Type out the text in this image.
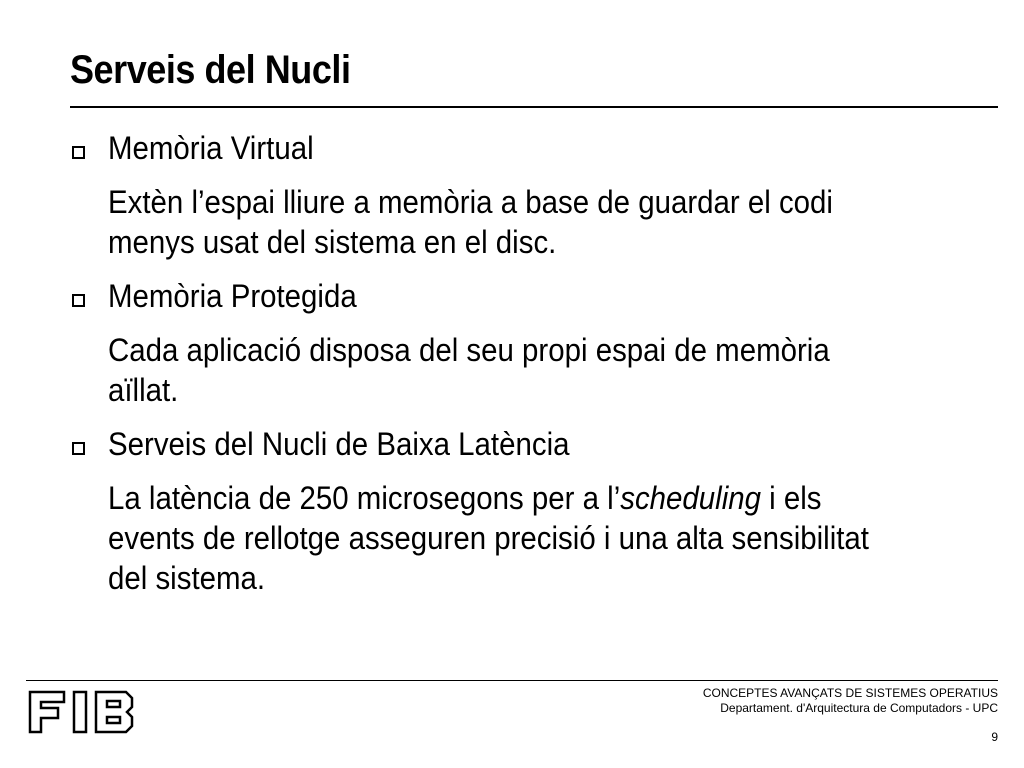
Serveis del Nucli
Memòria Virtual
Extèn l’espai lliure a memòria a base de guardar el codi
menys usat del sistema en el disc.
Memòria Protegida
Cada aplicació disposa del seu propi espai de memòria
aïllat.
Serveis del Nucli de Baixa Latència
La latència de 250 microsegons per a l’scheduling i els
events de rellotge asseguren precisió i una alta sensibilitat
del sistema.
CONCEPTES AVANÇATS DE SISTEMES OPERATIUS
Departament. d'Arquitectura de Computadors - UPC
9
